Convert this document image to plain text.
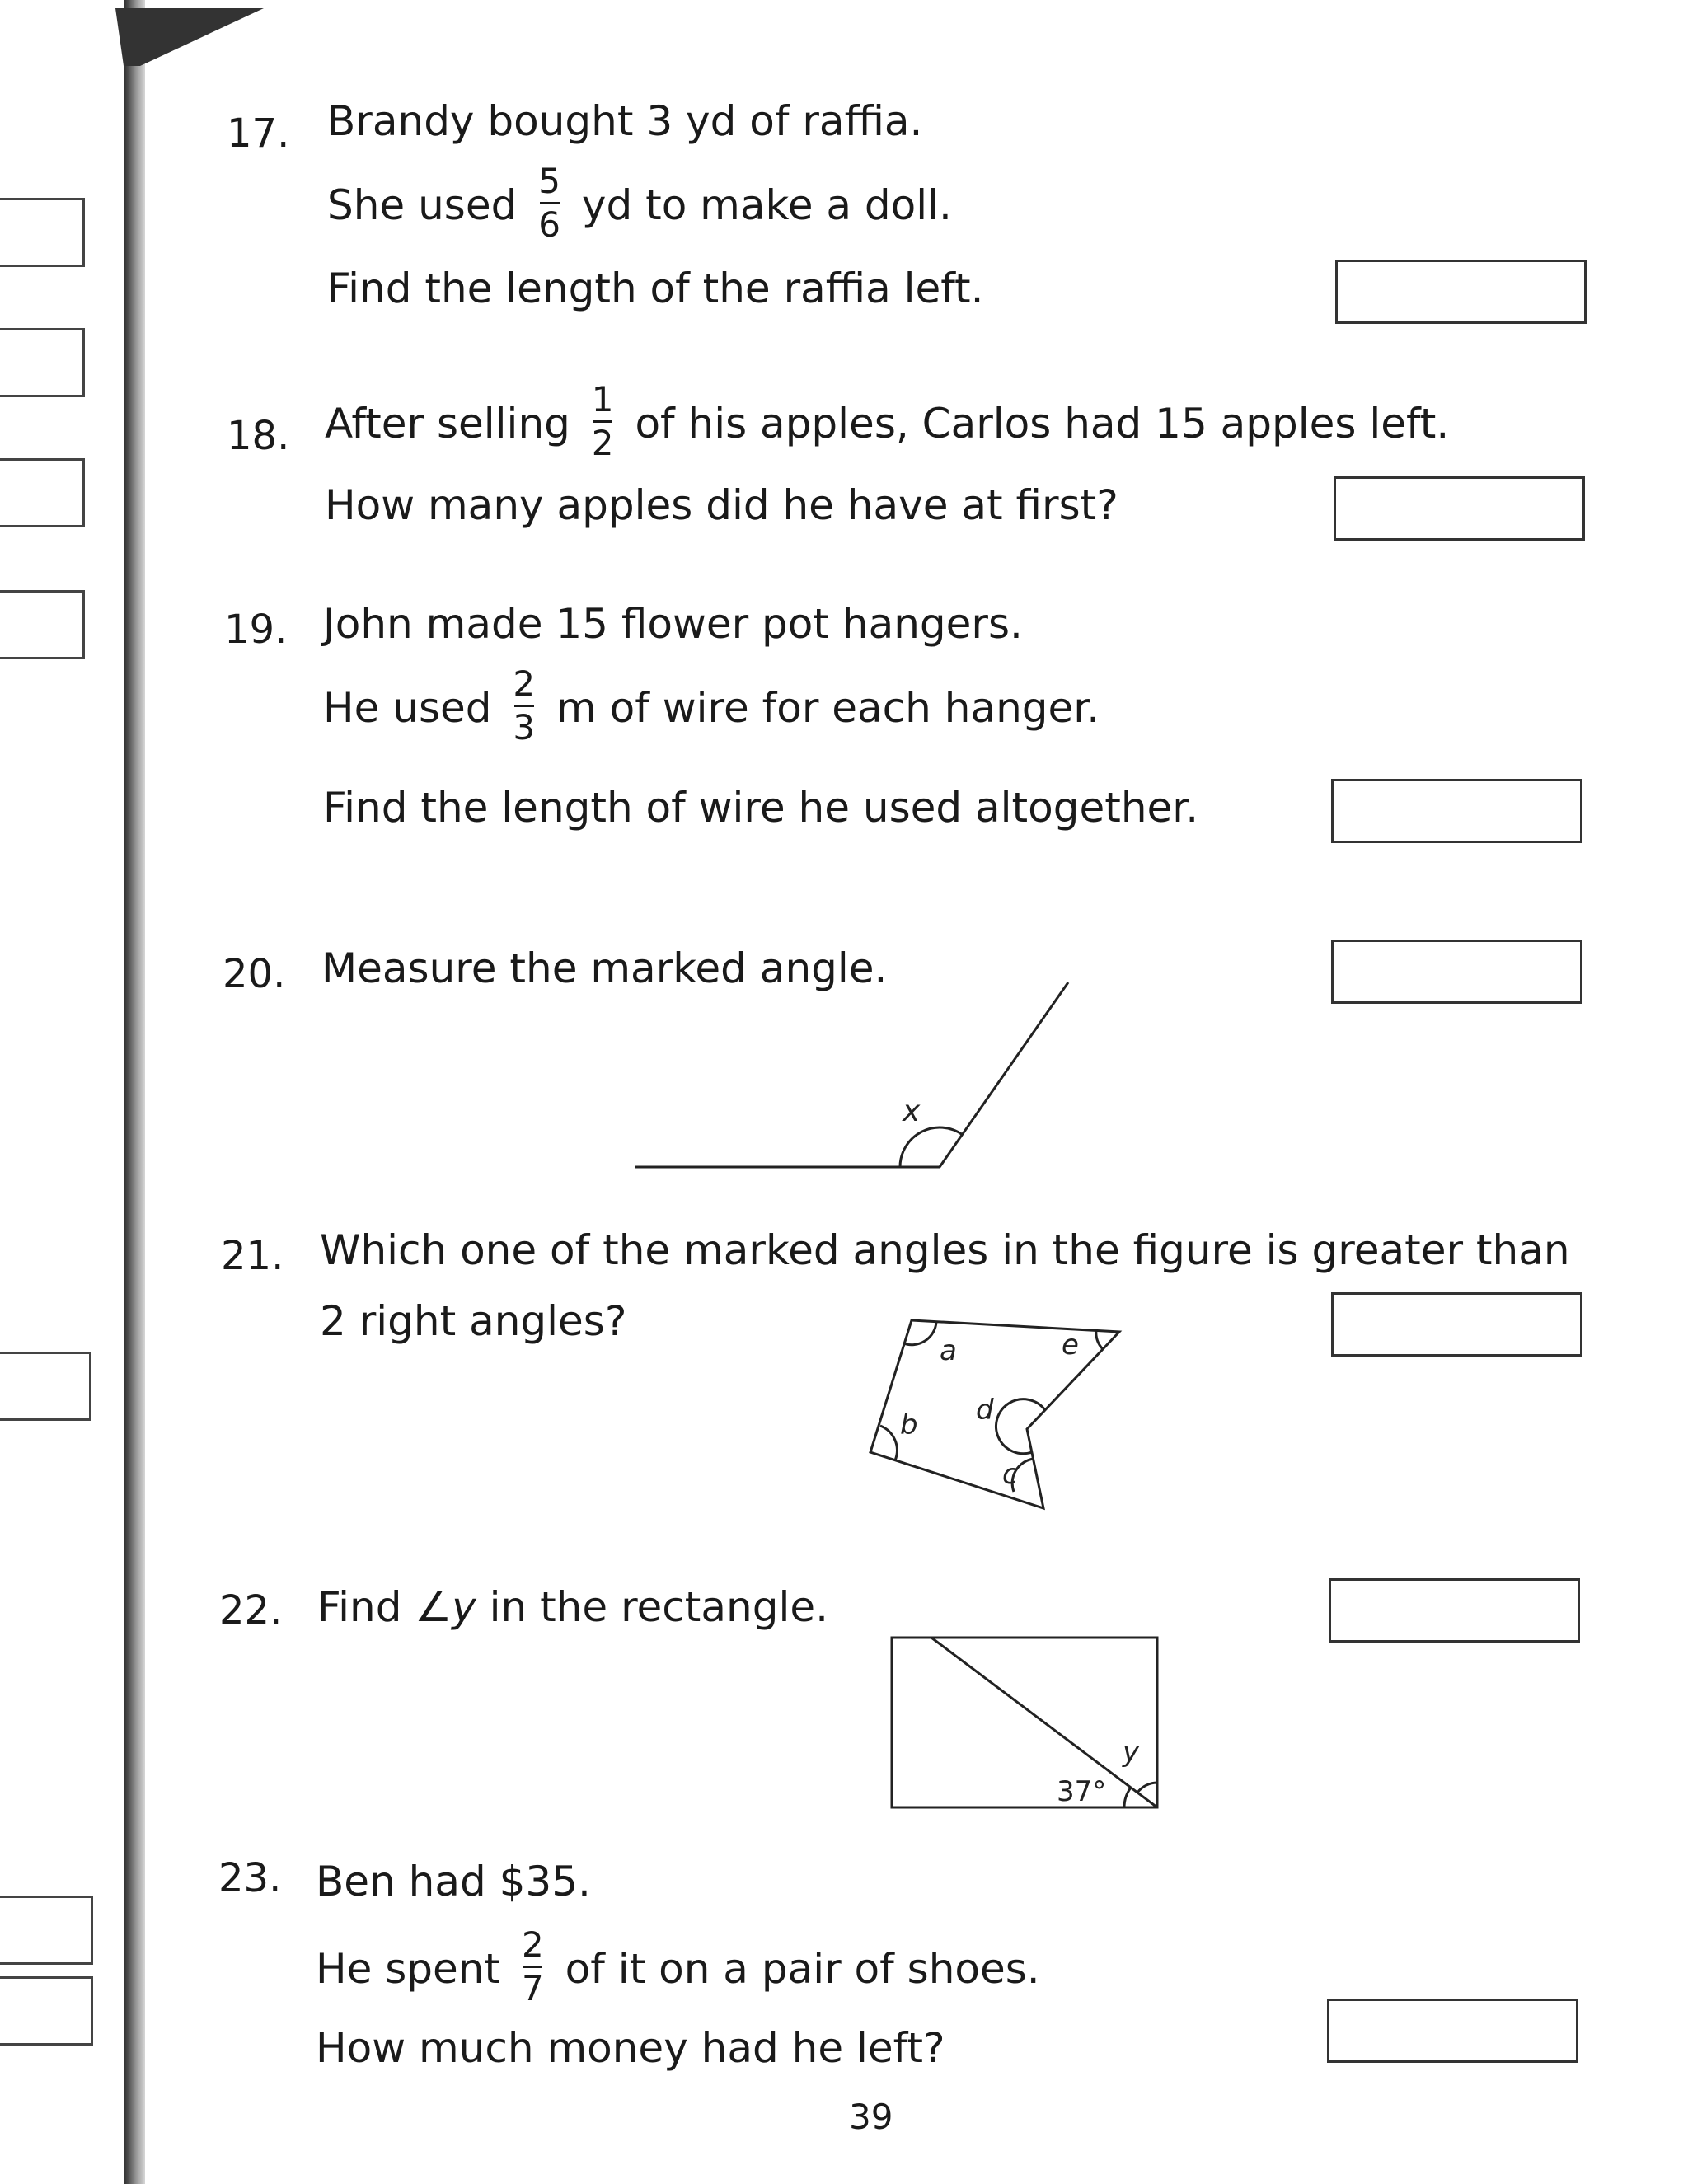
17. Brandy bought 3 yd of raffia.
She used $\frac{5}{6}$ yd to make a doll.
Find the length of the raffia left.
18. After selling $\frac{1}{2}$ of his apples, Carlos had 15 apples left.
How many apples did he have at first?
19. John made 15 flower pot hangers.
He used $\frac{2}{3}$ m of wire for each hanger.
Find the length of wire he used altogether.
20. Measure the marked angle.
x
21. Which one of the marked angles in the figure is greater than
2 right angles?
a	e
d
c
b
22. Find ∠y in the rectangle.
37°
y
23. Ben had $35.
He spent $\frac{2}{7}$ of it on a pair of shoes.
How much money had he left?
39
